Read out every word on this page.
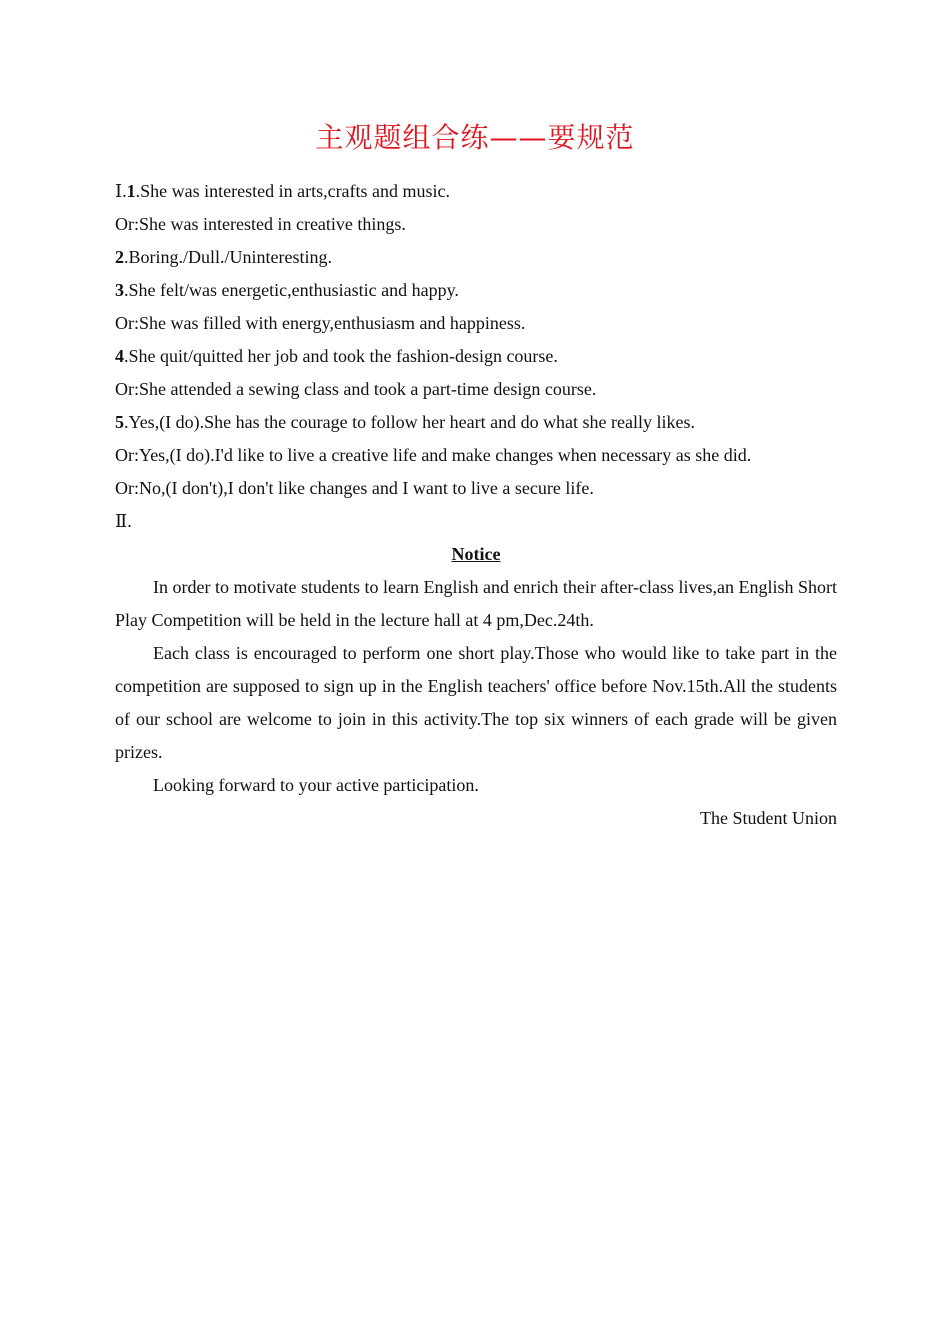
主观题组合练——要规范
Ⅰ.1.She was interested in arts,crafts and music.
Or:She was interested in creative things.
2.Boring./Dull./Uninteresting.
3.She felt/was energetic,enthusiastic and happy.
Or:She was filled with energy,enthusiasm and happiness.
4.She quit/quitted her job and took the fashion-design course.
Or:She attended a sewing class and took a part-time design course.
5.Yes,(I do).She has the courage to follow her heart and do what she really likes.
Or:Yes,(I do).I'd like to live a creative life and make changes when necessary as she did.
Or:No,(I don't),I don't like changes and I want to live a secure life.
Ⅱ.
Notice
In order to motivate students to learn English and enrich their after-class lives,an English Short Play Competition will be held in the lecture hall at 4 pm,Dec.24th.
Each class is encouraged to perform one short play.Those who would like to take part in the competition are supposed to sign up in the English teachers' office before Nov.15th.All the students of our school are welcome to join in this activity.The top six winners of each grade will be given prizes.
Looking forward to your active participation.
The Student Union
